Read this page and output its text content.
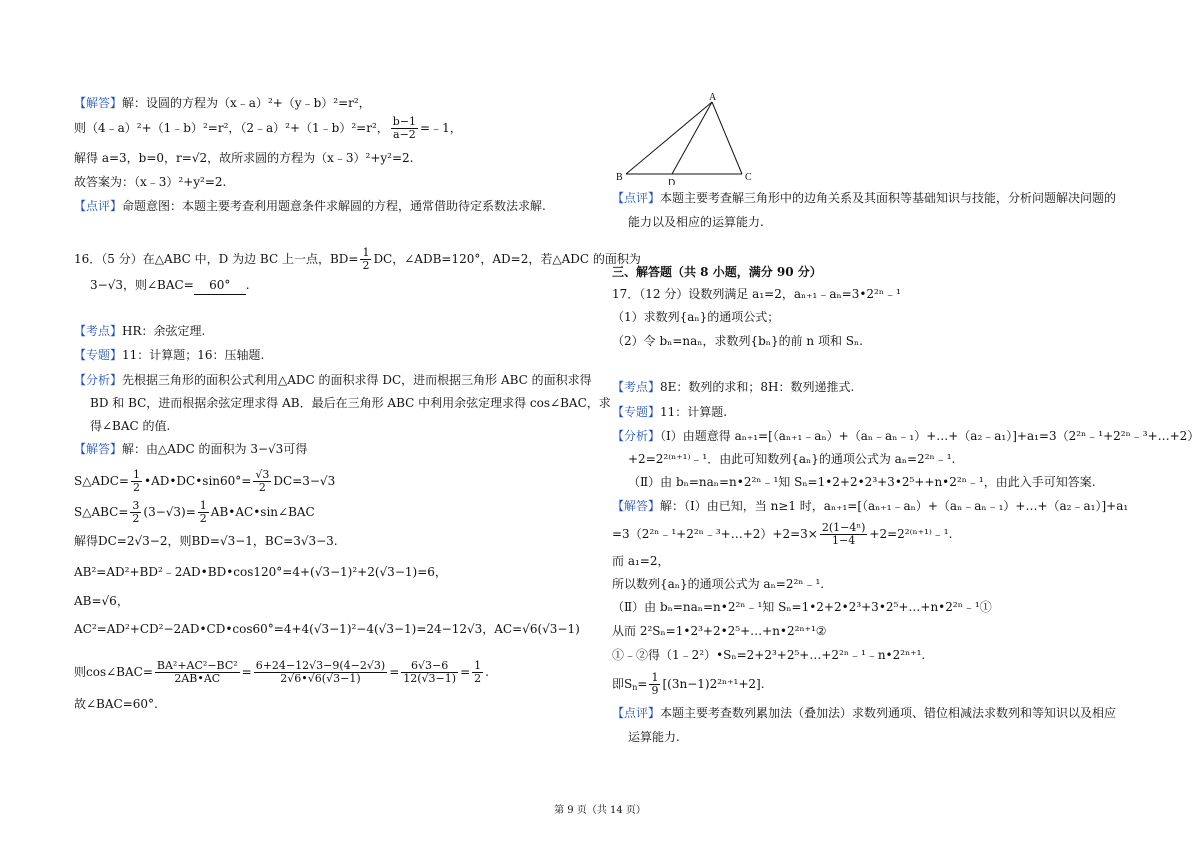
【解答】解：设圆的方程为（x﹣a）²+（y﹣b）²=r²，
则（4﹣a）²+（1﹣b）²=r²，（2﹣a）²+（1﹣b）²=r²， $\frac{b-1}{a-2}$ =﹣1，
解得 a=3，b=0，r=√2，故所求圆的方程为（x﹣3）²+y²=2.
故答案为：（x﹣3）²+y²=2.
【点评】命题意图：本题主要考查利用题意条件求解圆的方程，通常借助待定系数法求解.
16．（5 分）在△ABC 中，D 为边 BC 上一点，$BD= \frac{1}{2}$ DC，∠ADB=120°，AD=2，若△ADC 的面积为
3−√3，则∠BAC= 60° .
【考点】HR：余弦定理.
【专题】11：计算题；16：压轴题.
【分析】先根据三角形的面积公式利用△ADC 的面积求得 DC，进而根据三角形 ABC 的面积求得
BD 和 BC，进而根据余弦定理求得 AB．最后在三角形 ABC 中利用余弦定理求得 cos∠BAC，求
得∠BAC 的值.
【解答】解：由△ADC 的面积为 3−√3可得
S△ADC= $\frac{1}{2}$ •AD•DC•sin60°= $\frac{√3}{2} DC=3-√3$
S△ABC= $\frac{3}{2} (3-√3)= \frac{1}{2}$ AB•AC•sin∠BAC
解得DC=2√3−2，则BD=√3−1，BC=3√3−3.
AB²=AD²+BD²﹣2AD•BD•cos120°=4+(√3−1)²+2(√3−1)=6，
AB=√6，
AC²=AD²+CD²−2AD•CD•cos60°=4+4(√3−1)²−4(√3−1)=24−12√3，AC=√6(√3−1)
则cos∠BAC= $\frac{\text{BA²+AC²−BC²}}{2AB•AC} = \frac{6+24-12√3-9(4-2√3)}{2√6•√6(√3-1)} = \frac{6√3-6}{12(√3-1)} = \frac{1}{2}$ .
故∠BAC=60°.
A
B	C
D
【点评】本题主要考查解三角形中的边角关系及其面积等基础知识与技能，分析问题解决问题的
能力以及相应的运算能力.
三、解答题（共 8 小题，满分 90 分）
17．（12 分）设数列满足 a₁=2，aₙ₊₁﹣aₙ=3•2²ⁿ﹣¹
（1）求数列{aₙ}的通项公式；
（2）令 bₙ=naₙ，求数列{bₙ}的前 n 项和 Sₙ.
【考点】8E：数列的求和；8H：数列递推式.
【专题】11：计算题.
【分析】（Ⅰ）由题意得 aₙ₊₁=[（aₙ₊₁﹣aₙ）+（aₙ﹣aₙ﹣₁）+…+（a₂﹣a₁）]+a₁=3（2²ⁿ﹣¹+2²ⁿ﹣³+…+2）
+2=2²⁽ⁿ⁺¹⁾﹣¹．由此可知数列{aₙ}的通项公式为 aₙ=2²ⁿ﹣¹.
（Ⅱ）由 bₙ=naₙ=n•2²ⁿ﹣¹知 Sₙ=1•2+2•2³+3•2⁵++n•2²ⁿ﹣¹，由此入手可知答案.
【解答】解：（Ⅰ）由已知，当 n≥1 时，aₙ₊₁=[（aₙ₊₁﹣aₙ）+（aₙ﹣aₙ﹣₁）+…+（a₂﹣a₁）]+a₁
=3（2²ⁿ﹣¹+2²ⁿ﹣³+…+2）+2=3× $\frac{\text{2(1−4ⁿ)}}{1-4}$ +2=2²⁽ⁿ⁺¹⁾﹣¹.
而 a₁=2，
所以数列{aₙ}的通项公式为 aₙ=2²ⁿ﹣¹.
（Ⅱ）由 bₙ=naₙ=n•2²ⁿ﹣¹知 Sₙ=1•2+2•2³+3•2⁵+…+n•2²ⁿ﹣¹①
从而 2²Sₙ=1•2³+2•2⁵+…+n•2²ⁿ⁺¹②
①﹣②得（1﹣2²）•Sₙ=2+2³+2⁵+…+2²ⁿ﹣¹﹣n•2²ⁿ⁺¹.
即$S_n= \frac{1}{9} [(3n-1)2^{2n+1}+2]$.
【点评】本题主要考查数列累加法（叠加法）求数列通项、错位相减法求数列和等知识以及相应
运算能力.
第 9 页（共 14 页）
